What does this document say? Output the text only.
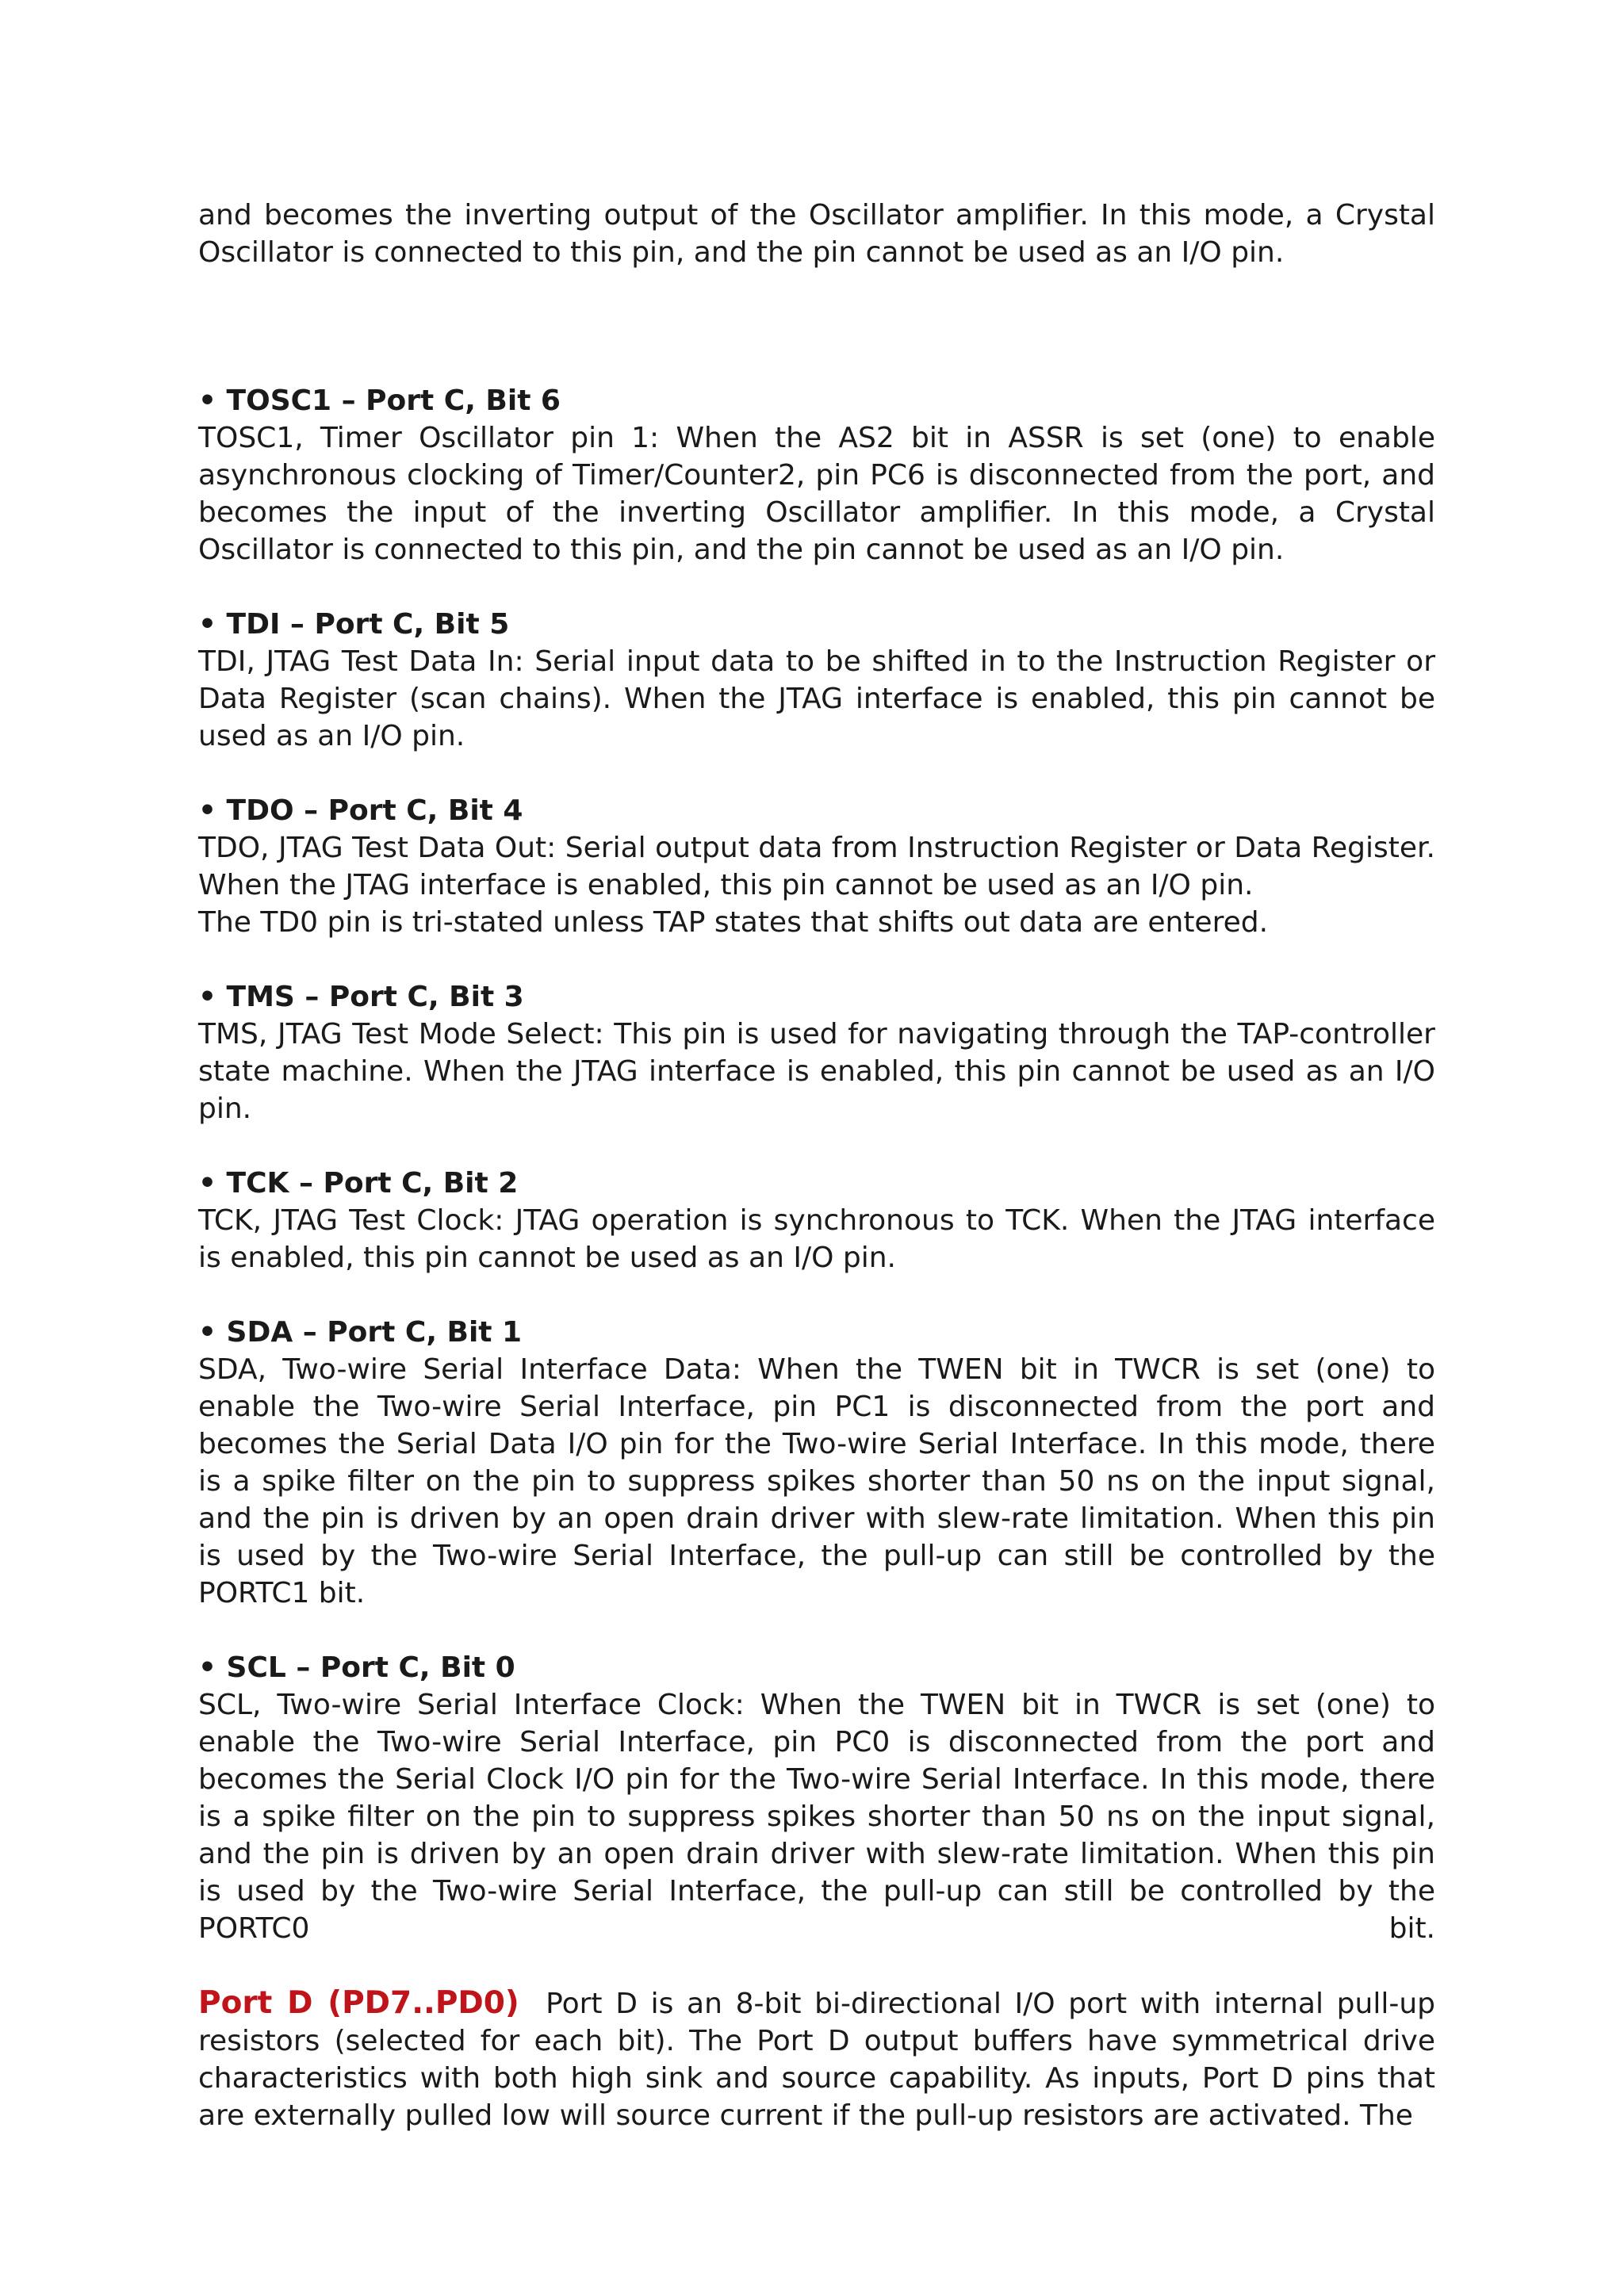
and becomes the inverting output of the Oscillator amplifier. In this mode, a Crystal Oscillator is connected to this pin, and the pin cannot be used as an I/O pin.

• TOSC1 – Port C, Bit 6

TOSC1, Timer Oscillator pin 1: When the AS2 bit in ASSR is set (one) to enable asynchronous clocking of Timer/Counter2, pin PC6 is disconnected from the port, and becomes the input of the inverting Oscillator amplifier. In this mode, a Crystal Oscillator is connected to this pin, and the pin cannot be used as an I/O pin.

• TDI – Port C, Bit 5

TDI, JTAG Test Data In: Serial input data to be shifted in to the Instruction Register or Data Register (scan chains). When the JTAG interface is enabled, this pin cannot be used as an I/O pin.

• TDO – Port C, Bit 4

TDO, JTAG Test Data Out: Serial output data from Instruction Register or Data Register. When the JTAG interface is enabled, this pin cannot be used as an I/O pin.

The TD0 pin is tri-stated unless TAP states that shifts out data are entered.

• TMS – Port C, Bit 3

TMS, JTAG Test Mode Select: This pin is used for navigating through the TAP-controller state machine. When the JTAG interface is enabled, this pin cannot be used as an I/O pin.

• TCK – Port C, Bit 2

TCK, JTAG Test Clock: JTAG operation is synchronous to TCK. When the JTAG interface is enabled, this pin cannot be used as an I/O pin.

• SDA – Port C, Bit 1

SDA, Two-wire Serial Interface Data: When the TWEN bit in TWCR is set (one) to enable the Two-wire Serial Interface, pin PC1 is disconnected from the port and becomes the Serial Data I/O pin for the Two-wire Serial Interface. In this mode, there is a spike filter on the pin to suppress spikes shorter than 50 ns on the input signal, and the pin is driven by an open drain driver with slew-rate limitation. When this pin is used by the Two-wire Serial Interface, the pull-up can still be controlled by the PORTC1 bit.

• SCL – Port C, Bit 0

SCL, Two-wire Serial Interface Clock: When the TWEN bit in TWCR is set (one) to enable the Two-wire Serial Interface, pin PC0 is disconnected from the port and becomes the Serial Clock I/O pin for the Two-wire Serial Interface. In this mode, there is a spike filter on the pin to suppress spikes shorter than 50 ns on the input signal, and the pin is driven by an open drain driver with slew-rate limitation. When this pin is used by the Two-wire Serial Interface, the pull-up can still be controlled by the PORTC0 bit.

Port D (PD7..PD0) Port D is an 8-bit bi-directional I/O port with internal pull-up resistors (selected for each bit). The Port D output buffers have symmetrical drive characteristics with both high sink and source capability. As inputs, Port D pins that are externally pulled low will source current if the pull-up resistors are activated. The
